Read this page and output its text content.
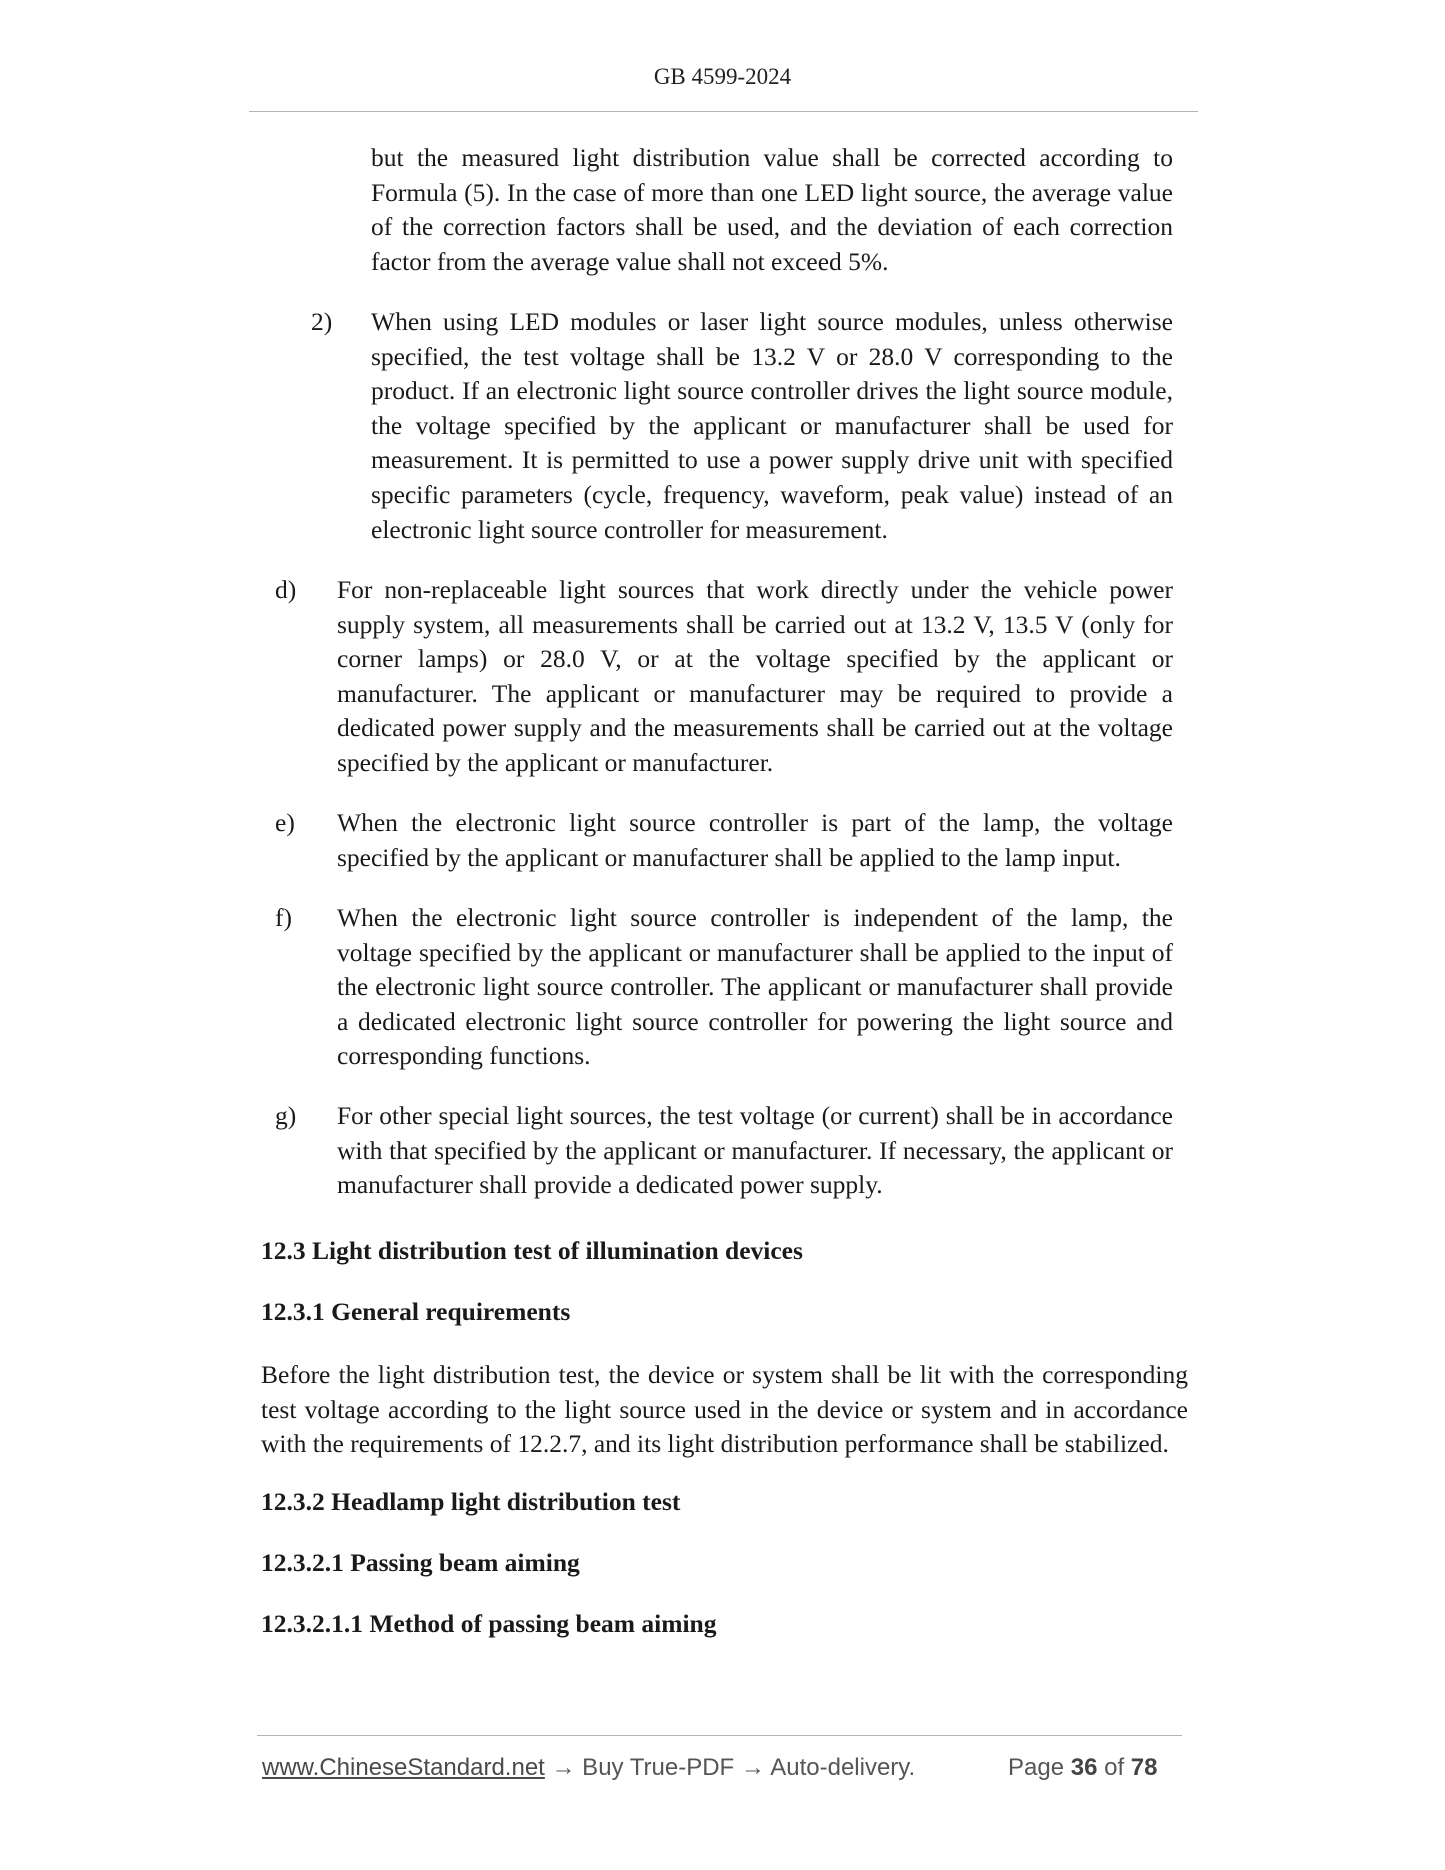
GB 4599-2024

but the measured light distribution value shall be corrected according to Formula (5). In the case of more than one LED light source, the average value of the correction factors shall be used, and the deviation of each correction factor from the average value shall not exceed 5%.

2) When using LED modules or laser light source modules, unless otherwise specified, the test voltage shall be 13.2 V or 28.0 V corresponding to the product. If an electronic light source controller drives the light source module, the voltage specified by the applicant or manufacturer shall be used for measurement. It is permitted to use a power supply drive unit with specified specific parameters (cycle, frequency, waveform, peak value) instead of an electronic light source controller for measurement.

d) For non-replaceable light sources that work directly under the vehicle power supply system, all measurements shall be carried out at 13.2 V, 13.5 V (only for corner lamps) or 28.0 V, or at the voltage specified by the applicant or manufacturer. The applicant or manufacturer may be required to provide a dedicated power supply and the measurements shall be carried out at the voltage specified by the applicant or manufacturer.

e) When the electronic light source controller is part of the lamp, the voltage specified by the applicant or manufacturer shall be applied to the lamp input.

f) When the electronic light source controller is independent of the lamp, the voltage specified by the applicant or manufacturer shall be applied to the input of the electronic light source controller. The applicant or manufacturer shall provide a dedicated electronic light source controller for powering the light source and corresponding functions.

g) For other special light sources, the test voltage (or current) shall be in accordance with that specified by the applicant or manufacturer. If necessary, the applicant or manufacturer shall provide a dedicated power supply.

12.3 Light distribution test of illumination devices
12.3.1 General requirements

Before the light distribution test, the device or system shall be lit with the corresponding test voltage according to the light source used in the device or system and in accordance with the requirements of 12.2.7, and its light distribution performance shall be stabilized.

12.3.2 Headlamp light distribution test
12.3.2.1 Passing beam aiming
12.3.2.1.1 Method of passing beam aiming
www.ChineseStandard.net → Buy True-PDF → Auto-delivery.	Page 36 of 78
